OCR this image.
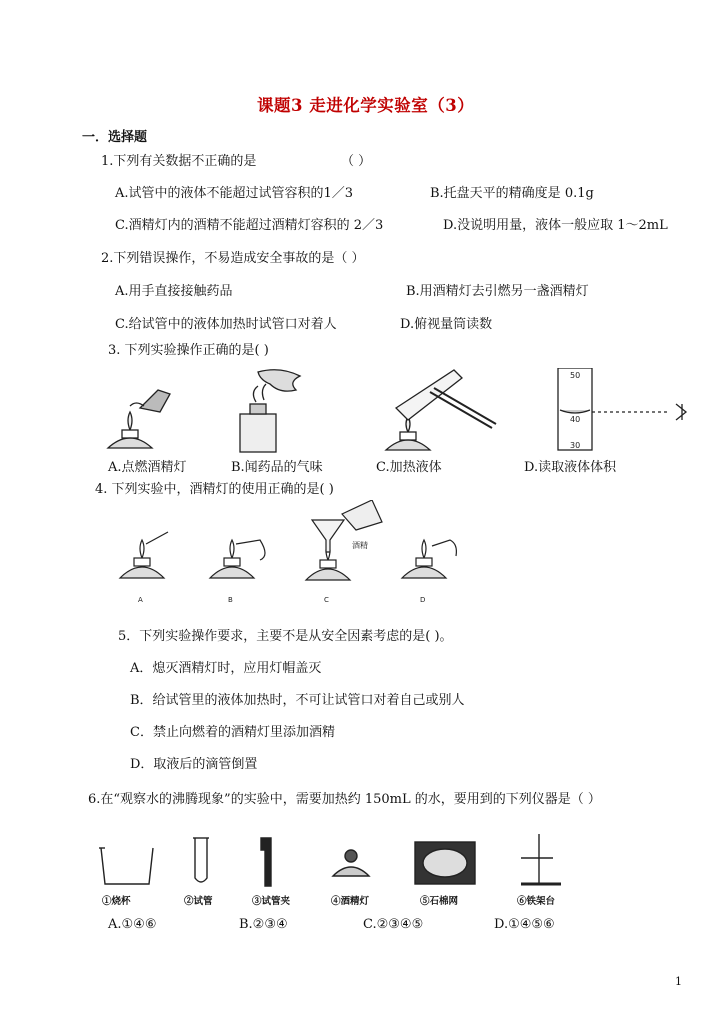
课题3 走进化学实验室（3）
一．选择题
1.下列有关数据不正确的是	（ ）
A.试管中的液体不能超过试管容积的1／3	B.托盘天平的精确度是 0.1g
C.酒精灯内的酒精不能超过酒精灯容积的 2／3	D.没说明用量，液体一般应取 1～2mL
2.下列错误操作，不易造成安全事故的是（ ）
A.用手直接接触药品	B.用酒精灯去引燃另一盏酒精灯
C.给试管中的液体加热时试管口对着人	D.俯视量筒读数
3. 下列实验操作正确的是( )
50
40
30
A.点燃酒精灯	B.闻药品的气味	C.加热液体	D.读取液体体积
4. 下列实验中，酒精灯的使用正确的是( )
A	B	C	D
酒精
5．下列实验操作要求，主要不是从安全因素考虑的是( )。
A．熄灭酒精灯时，应用灯帽盖灭
B．给试管里的液体加热时，不可让试管口对着自己或别人
C．禁止向燃着的酒精灯里添加酒精
D．取液后的滴管倒置
6.在“观察水的沸腾现象”的实验中，需要加热约 150mL 的水，要用到的下列仪器是（ ）
①烧杯	②试管	③试管夹	④酒精灯	⑤石棉网	⑥铁架台
A.①④⑥	B.②③④	C.②③④⑤	D.①④⑤⑥
1
